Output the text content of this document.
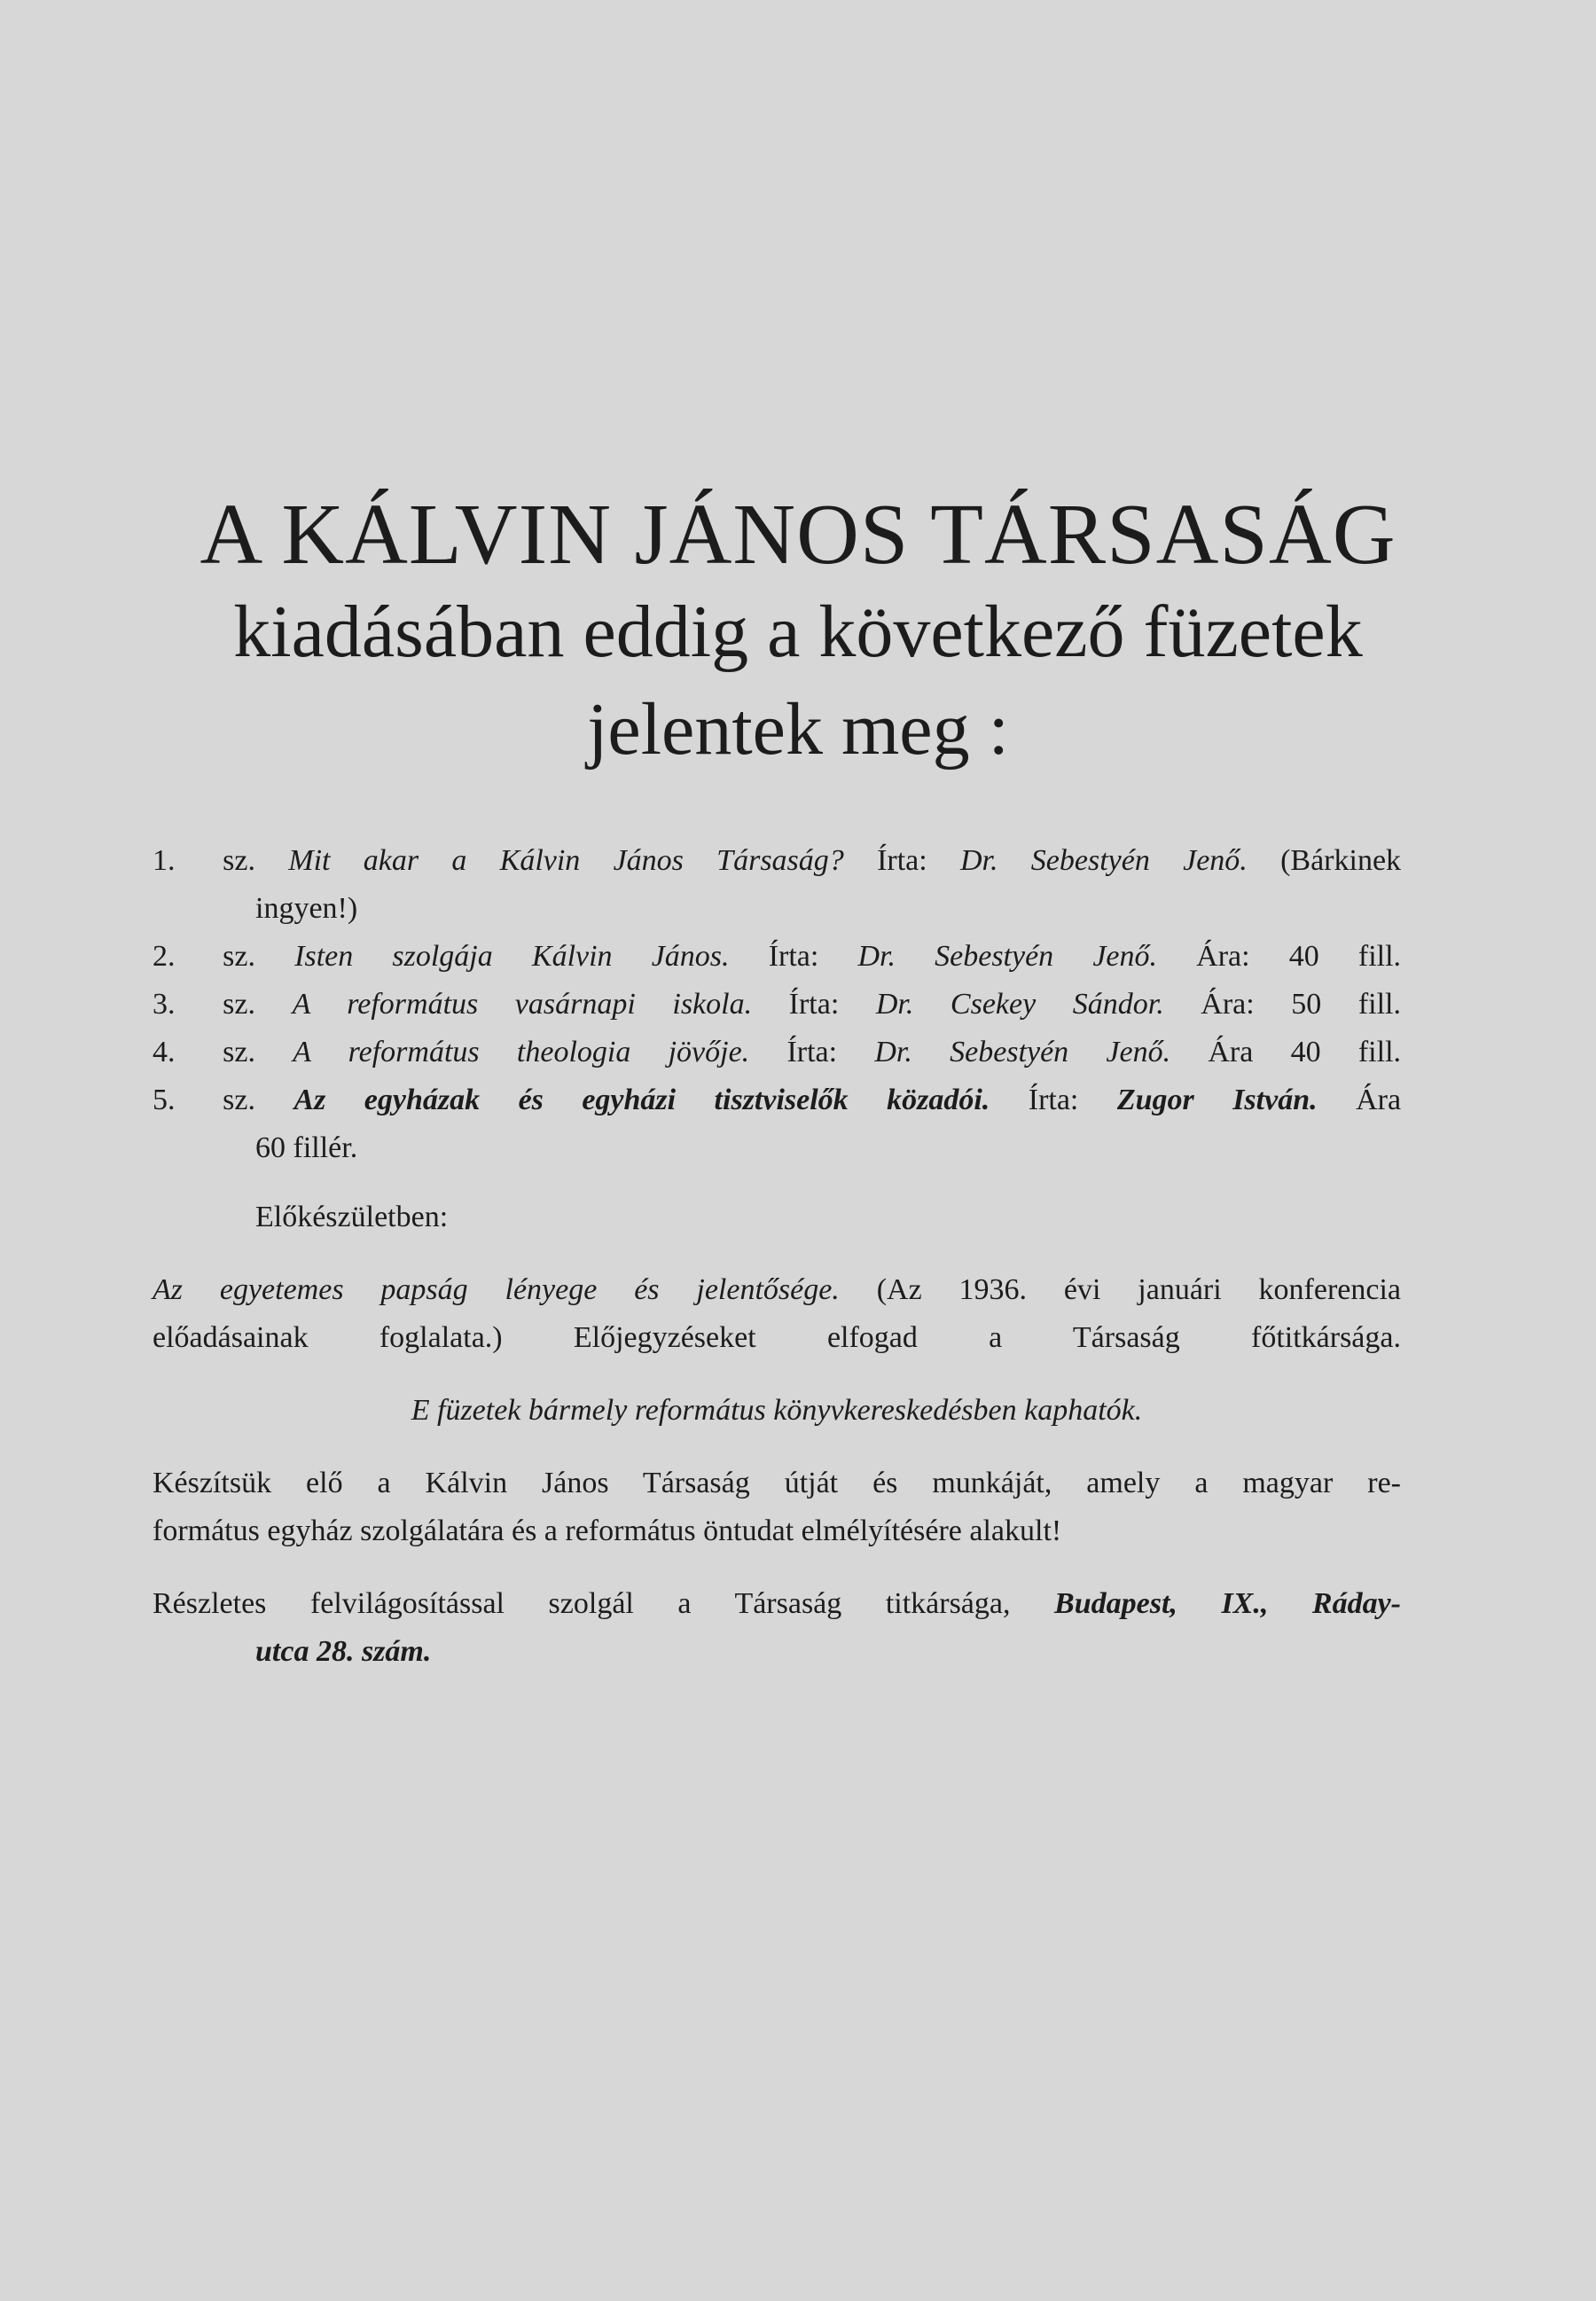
A KÁLVIN JÁNOS TÁRSASÁG
kiadásában eddig a következő füzetek
jelentek meg :
1. sz. Mit akar a Kálvin János Társaság? Írta: Dr. Sebestyén Jenő. (Bárkinek
ingyen!)
2. sz. Isten szolgája Kálvin János. Írta: Dr. Sebestyén Jenő. Ára: 40 fill.
3. sz. A református vasárnapi iskola. Írta: Dr. Csekey Sándor. Ára: 50 fill.
4. sz. A református theologia jövője. Írta: Dr. Sebestyén Jenő. Ára 40 fill.
5. sz. Az egyházak és egyházi tisztviselők közadói. Írta: Zugor István. Ára
60 fillér.
Előkészületben:
Az egyetemes papság lényege és jelentősége. (Az 1936. évi januári konferencia
előadásainak foglalata.) Előjegyzéseket elfogad a Társaság főtitkársága.
E füzetek bármely református könyvkereskedésben kaphatók.
Készítsük elő a Kálvin János Társaság útját és munkáját, amely a magyar re-
formátus egyház szolgálatára és a református öntudat elmélyítésére alakult!
Részletes felvilágosítással szolgál a Társaság titkársága, Budapest, IX., Ráday-
utca 28. szám.
